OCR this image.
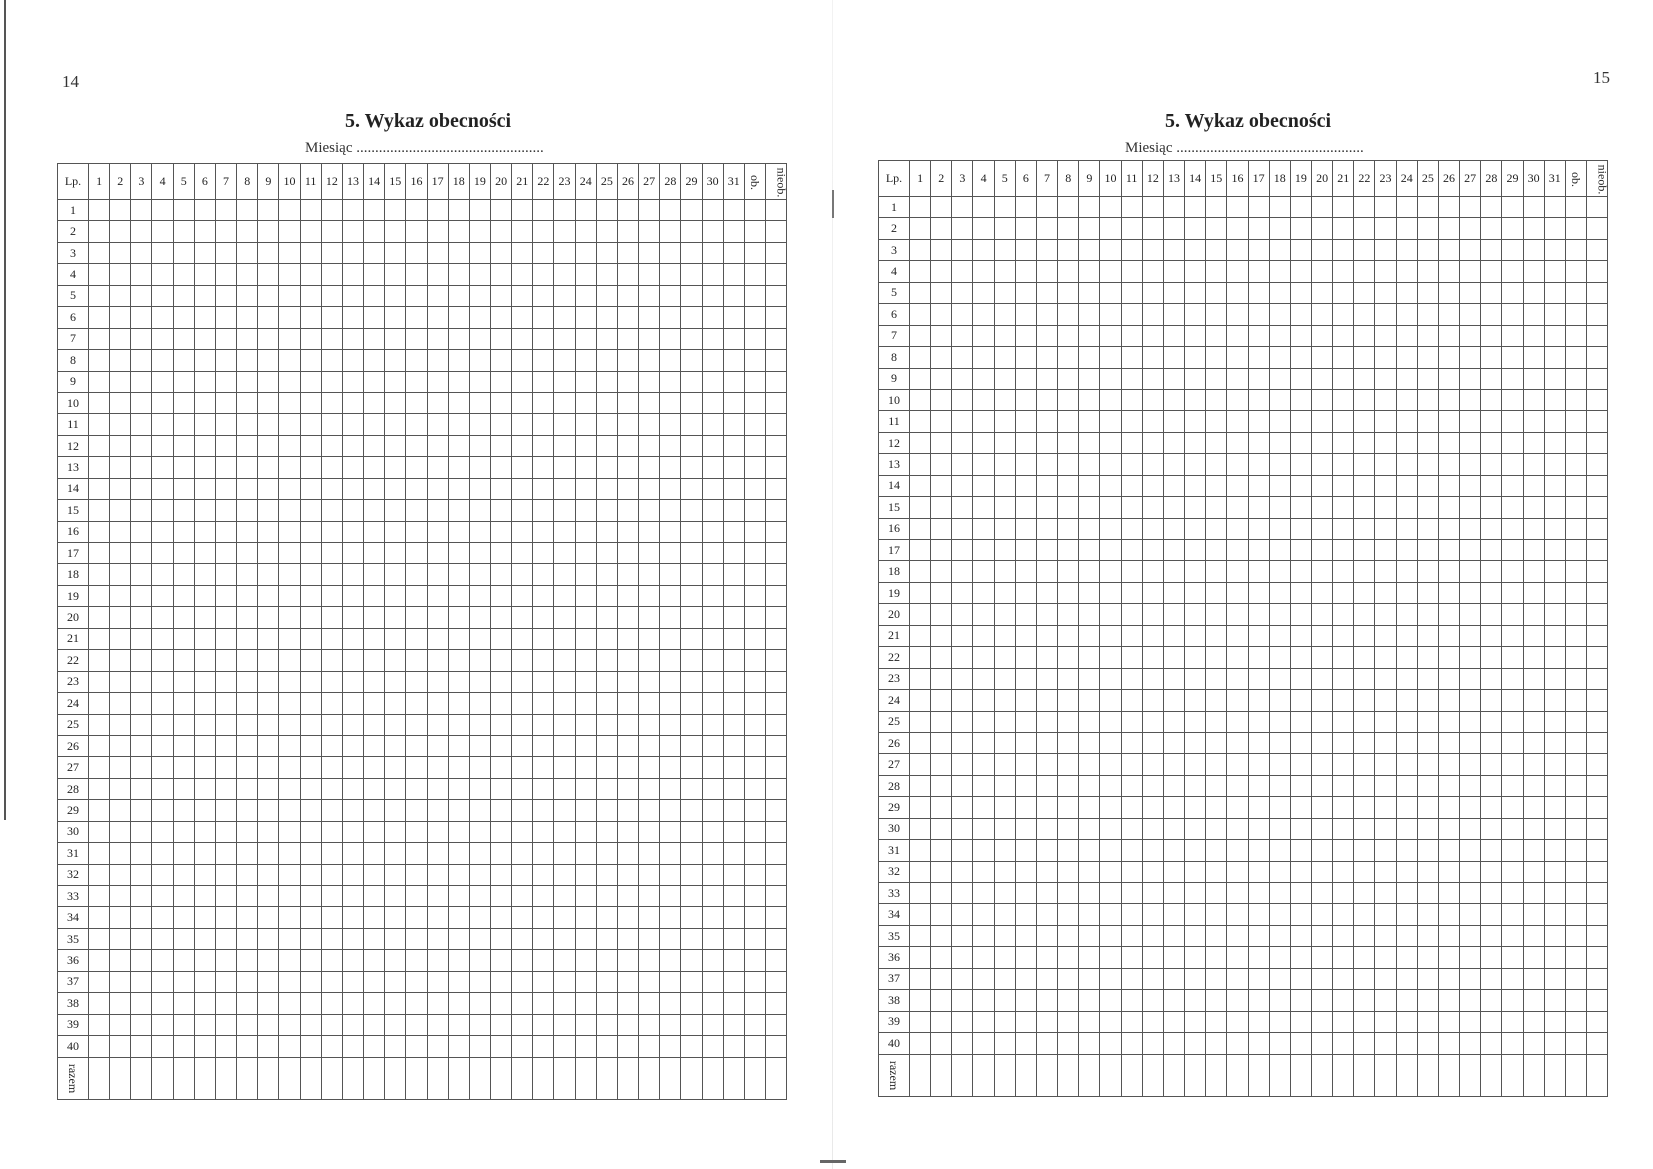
14
5. Wykaz obecności
Miesiąc ..................................................
Lp.	1	2	3	4	5	6	7	8	9	10	11	12	13	14	15	16	17	18	19	20	21	22	23	24	25	26	27	28	29	30	31	ob.	nieob.
1																																	
2																																	
3																																	
4																																	
5																																	
6																																	
7																																	
8																																	
9																																	
10																																	
11																																	
12																																	
13																																	
14																																	
15																																	
16																																	
17																																	
18																																	
19																																	
20																																	
21																																	
22																																	
23																																	
24																																	
25																																	
26																																	
27																																	
28																																	
29																																	
30																																	
31																																	
32																																	
33																																	
34																																	
35																																	
36																																	
37																																	
38																																	
39																																	
40																																	
razem																																	
15
5. Wykaz obecności
Miesiąc ..................................................
Lp.	1	2	3	4	5	6	7	8	9	10	11	12	13	14	15	16	17	18	19	20	21	22	23	24	25	26	27	28	29	30	31	ob.	nieob.
1																																	
2																																	
3																																	
4																																	
5																																	
6																																	
7																																	
8																																	
9																																	
10																																	
11																																	
12																																	
13																																	
14																																	
15																																	
16																																	
17																																	
18																																	
19																																	
20																																	
21																																	
22																																	
23																																	
24																																	
25																																	
26																																	
27																																	
28																																	
29																																	
30																																	
31																																	
32																																	
33																																	
34																																	
35																																	
36																																	
37																																	
38																																	
39																																	
40																																	
razem																																	
